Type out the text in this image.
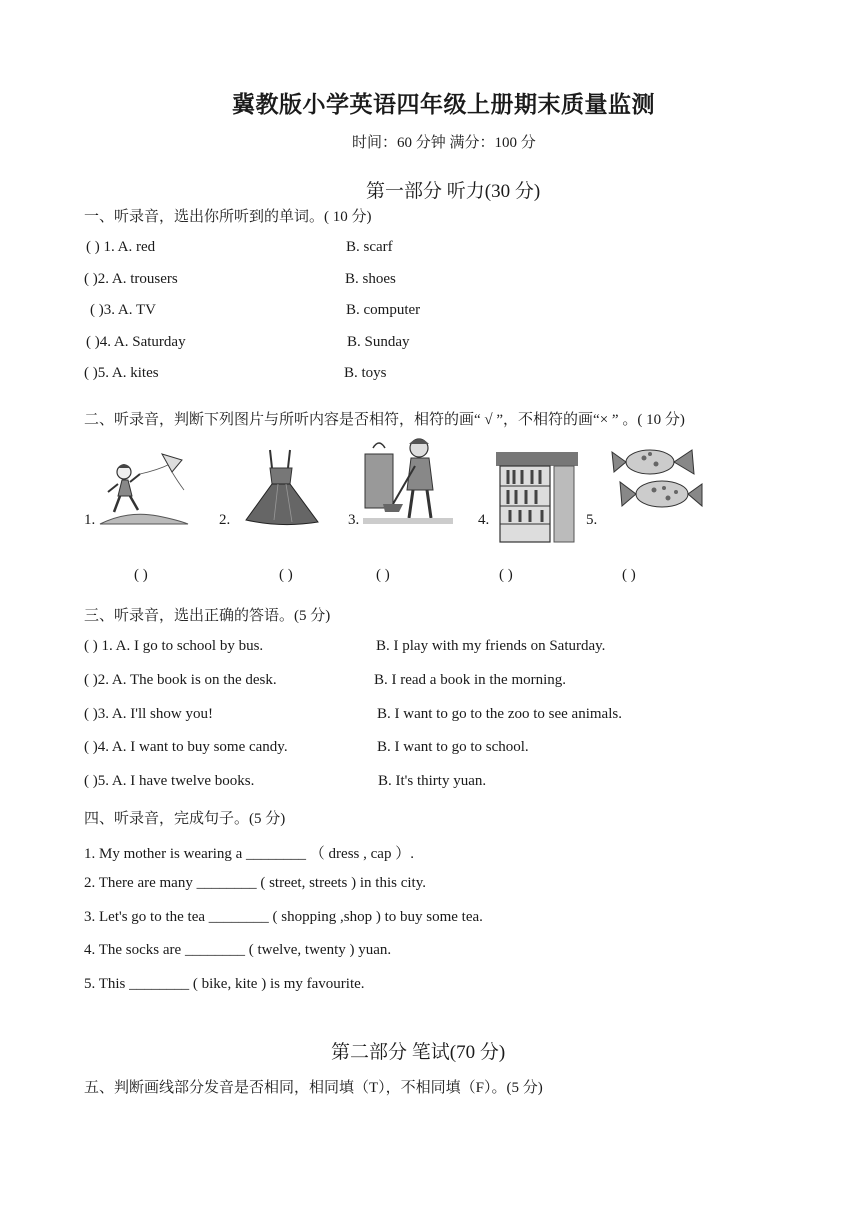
冀教版小学英语四年级上册期末质量监测
时间：60 分钟 满分：100 分
第一部分 听力(30 分)
一、听录音，选出你所听到的单词。( 10 分)
( ) 1. A. red	B. scarf
( )2. A. trousers	B. shoes
( )3. A. TV	B. computer
( )4. A. Saturday	B. Sunday
( )5. A. kites	B. toys
二、听录音，判断下列图片与所听内容是否相符，相符的画“ √ ”，不相符的画“× ” 。( 10 分)
1.	2.	3.	4.	5.
( )	( )	( )	( )	( )
三、听录音，选出正确的答语。(5 分)
( ) 1. A. I go to school by bus.	B. I play with my friends on Saturday.
( )2. A. The book is on the desk.	B. I read a book in the morning.
( )3. A. I'll show you!	B. I want to go to the zoo to see animals.
( )4. A. I want to buy some candy.	B. I want to go to school.
( )5. A. I have twelve books.	B. It's thirty yuan.
四、听录音，完成句子。(5 分)
1. My mother is wearing a ________ （ dress , cap ）.
2. There are many ________ ( street, streets ) in this city.
3. Let's go to the tea ________ ( shopping ,shop ) to buy some tea.
4. The socks are ________ ( twelve, twenty ) yuan.
5. This ________ ( bike, kite ) is my favourite.
第二部分 笔试(70 分)
五、判断画线部分发音是否相同，相同填（T），不相同填（F）。(5 分)
